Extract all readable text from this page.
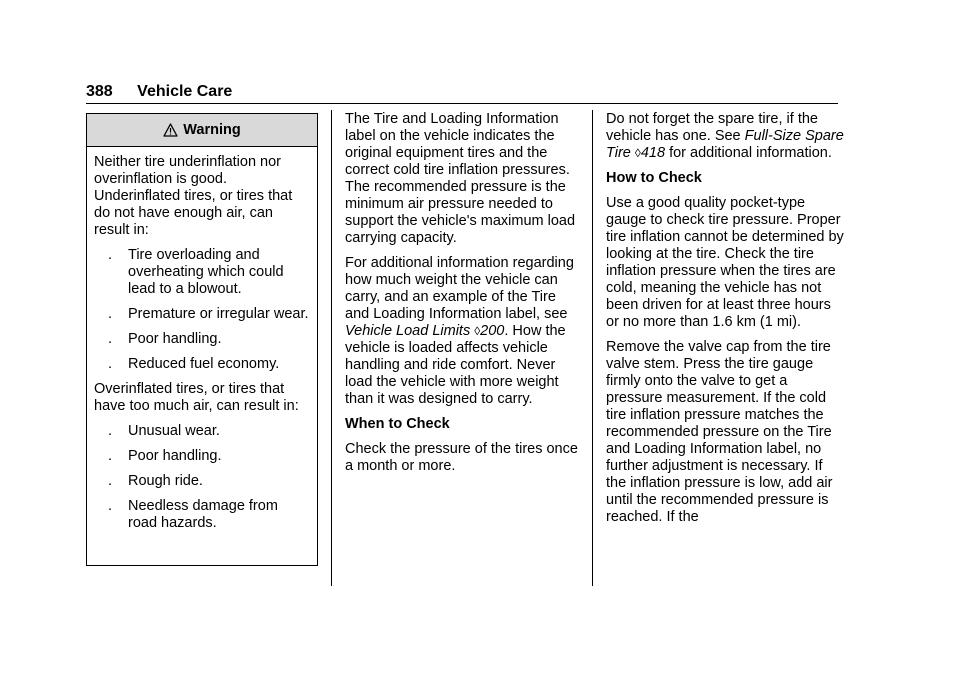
388 Vehicle Care
Warning

Neither tire underinflation nor overinflation is good. Underinflated tires, or tires that do not have enough air, can result in:

. Tire overloading and overheating which could lead to a blowout.
. Premature or irregular wear.
. Poor handling.
. Reduced fuel economy.

Overinflated tires, or tires that have too much air, can result in:

. Unusual wear.
. Poor handling.
. Rough ride.
. Needless damage from road hazards.

The Tire and Loading Information label on the vehicle indicates the original equipment tires and the correct cold tire inflation pressures. The recommended pressure is the minimum air pressure needed to support the vehicle's maximum load carrying capacity.

For additional information regarding how much weight the vehicle can carry, and an example of the Tire and Loading Information label, see Vehicle Load Limits ◊200. How the vehicle is loaded affects vehicle handling and ride comfort. Never load the vehicle with more weight than it was designed to carry.

When to Check

Check the pressure of the tires once a month or more.

Do not forget the spare tire, if the vehicle has one. See Full-Size Spare Tire ◊418 for additional information.

How to Check

Use a good quality pocket-type gauge to check tire pressure. Proper tire inflation cannot be determined by looking at the tire. Check the tire inflation pressure when the tires are cold, meaning the vehicle has not been driven for at least three hours or no more than 1.6 km (1 mi).

Remove the valve cap from the tire valve stem. Press the tire gauge firmly onto the valve to get a pressure measurement. If the cold tire inflation pressure matches the recommended pressure on the Tire and Loading Information label, no further adjustment is necessary. If the inflation pressure is low, add air until the recommended pressure is reached. If the
